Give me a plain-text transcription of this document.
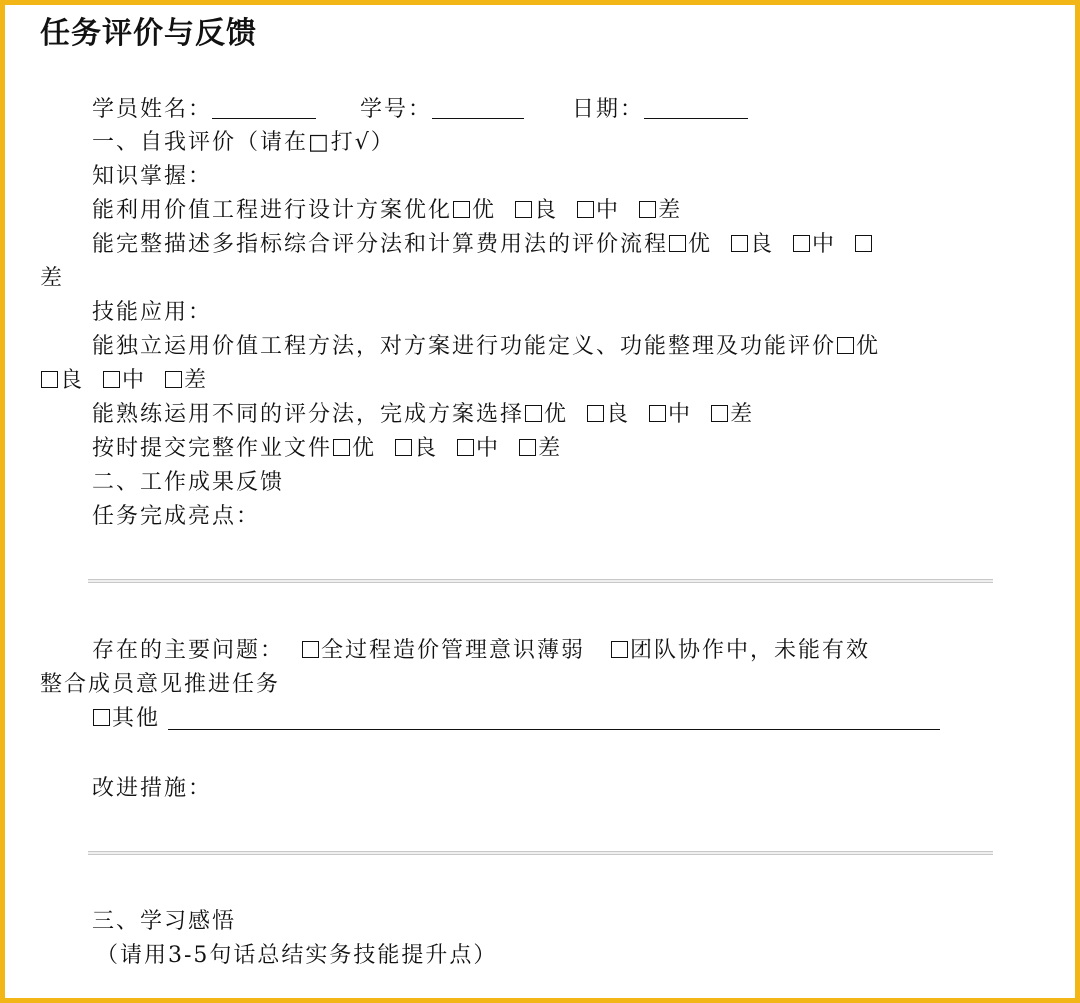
任务评价与反馈
学员姓名：	学号：	日期：
一、自我评价（请在□打√）
知识掌握：
能利用价值工程进行设计方案优化 优 良 中 差
能完整描述多指标综合评分法和计算费用法的评价流程 优 良 中
差
技能应用：
能独立运用价值工程方法，对方案进行功能定义、功能整理及功能评价 优
良 中 差
能熟练运用不同的评分法，完成方案选择 优 良 中 差
按时提交完整作业文件 优 良 中 差
二、工作成果反馈
任务完成亮点：
存在的主要问题： 全过程造价管理意识薄弱 团队协作中，未能有效
整合成员意见推进任务
其他
改进措施：
三、学习感悟
（请用3-5句话总结实务技能提升点）
